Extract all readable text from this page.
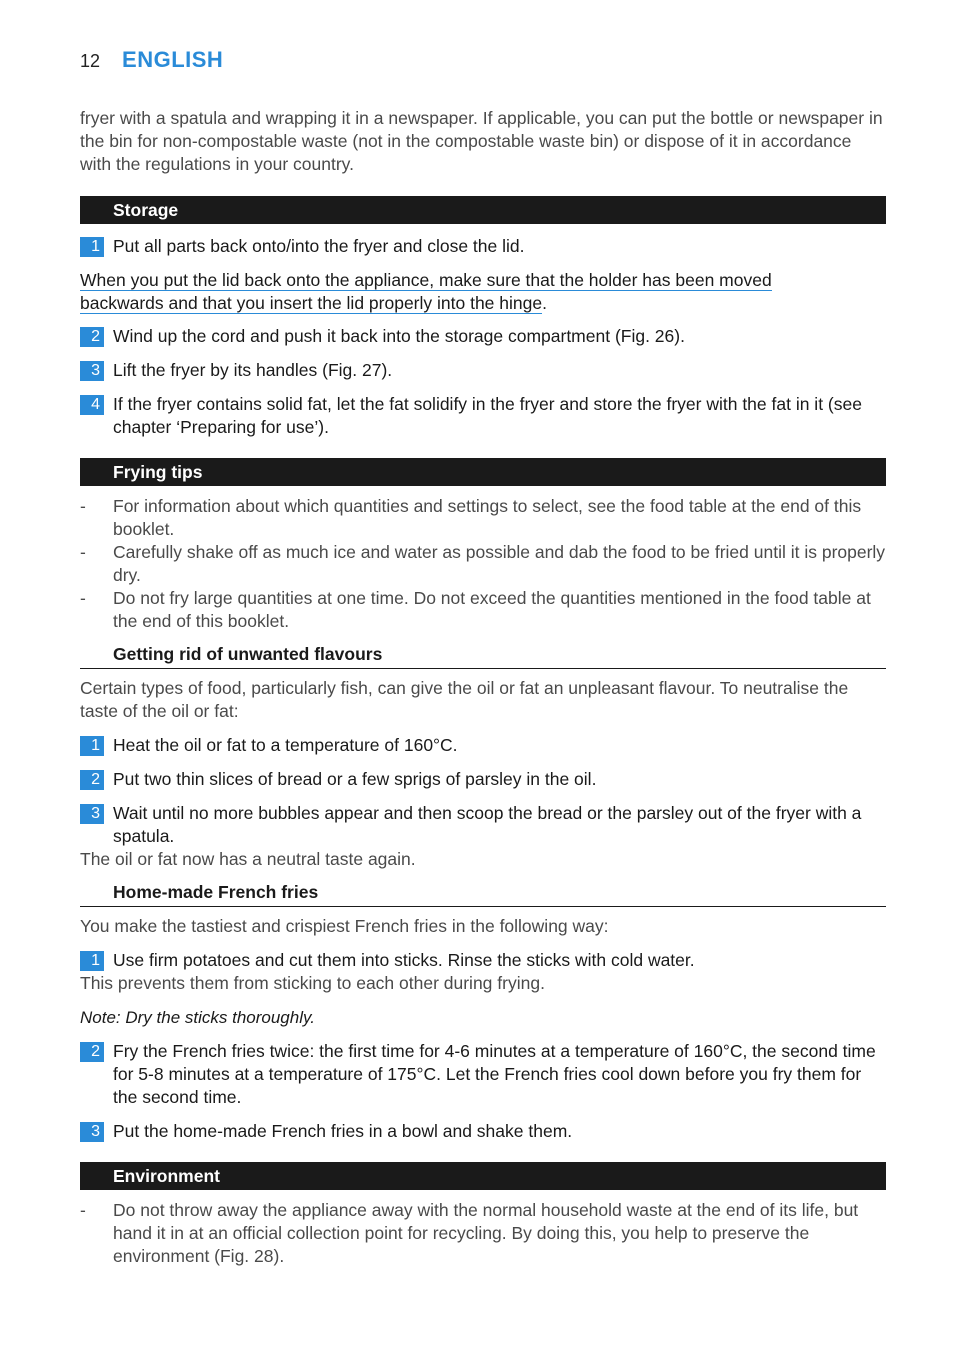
12 ENGLISH

fryer with a spatula and wrapping it in a newspaper. If applicable, you can put the bottle or newspaper in the bin for non-compostable waste (not in the compostable waste bin) or dispose of it in accordance with the regulations in your country.

Storage
1 Put all parts back onto/into the fryer and close the lid.
When you put the lid back onto the appliance, make sure that the holder has been moved
backwards and that you insert the lid properly into the hinge.
2 Wind up the cord and push it back into the storage compartment (Fig. 26).
3 Lift the fryer by its handles (Fig. 27).
4 If the fryer contains solid fat, let the fat solidify in the fryer and store the fryer with the fat in it (see chapter ‘Preparing for use’).
Frying tips
-	For information about which quantities and settings to select, see the food table at the end of this booklet.
-	Carefully shake off as much ice and water as possible and dab the food to be fried until it is properly dry.
-	Do not fry large quantities at one time. Do not exceed the quantities mentioned in the food table at the end of this booklet.
Getting rid of unwanted flavours

Certain types of food, particularly fish, can give the oil or fat an unpleasant flavour. To neutralise the taste of the oil or fat:

1 Heat the oil or fat to a temperature of 160°C.
2 Put two thin slices of bread or a few sprigs of parsley in the oil.
3 Wait until no more bubbles appear and then scoop the bread or the parsley out of the fryer with a spatula.

The oil or fat now has a neutral taste again.

Home-made French fries

You make the tastiest and crispiest French fries in the following way:

1 Use firm potatoes and cut them into sticks. Rinse the sticks with cold water.

This prevents them from sticking to each other during frying.

Note: Dry the sticks thoroughly.

2 Fry the French fries twice: the first time for 4-6 minutes at a temperature of 160°C, the second time for 5-8 minutes at a temperature of 175°C. Let the French fries cool down before you fry them for the second time.
3 Put the home-made French fries in a bowl and shake them.
Environment
-	Do not throw away the appliance away with the normal household waste at the end of its life, but hand it in at an official collection point for recycling. By doing this, you help to preserve the environment (Fig. 28).
